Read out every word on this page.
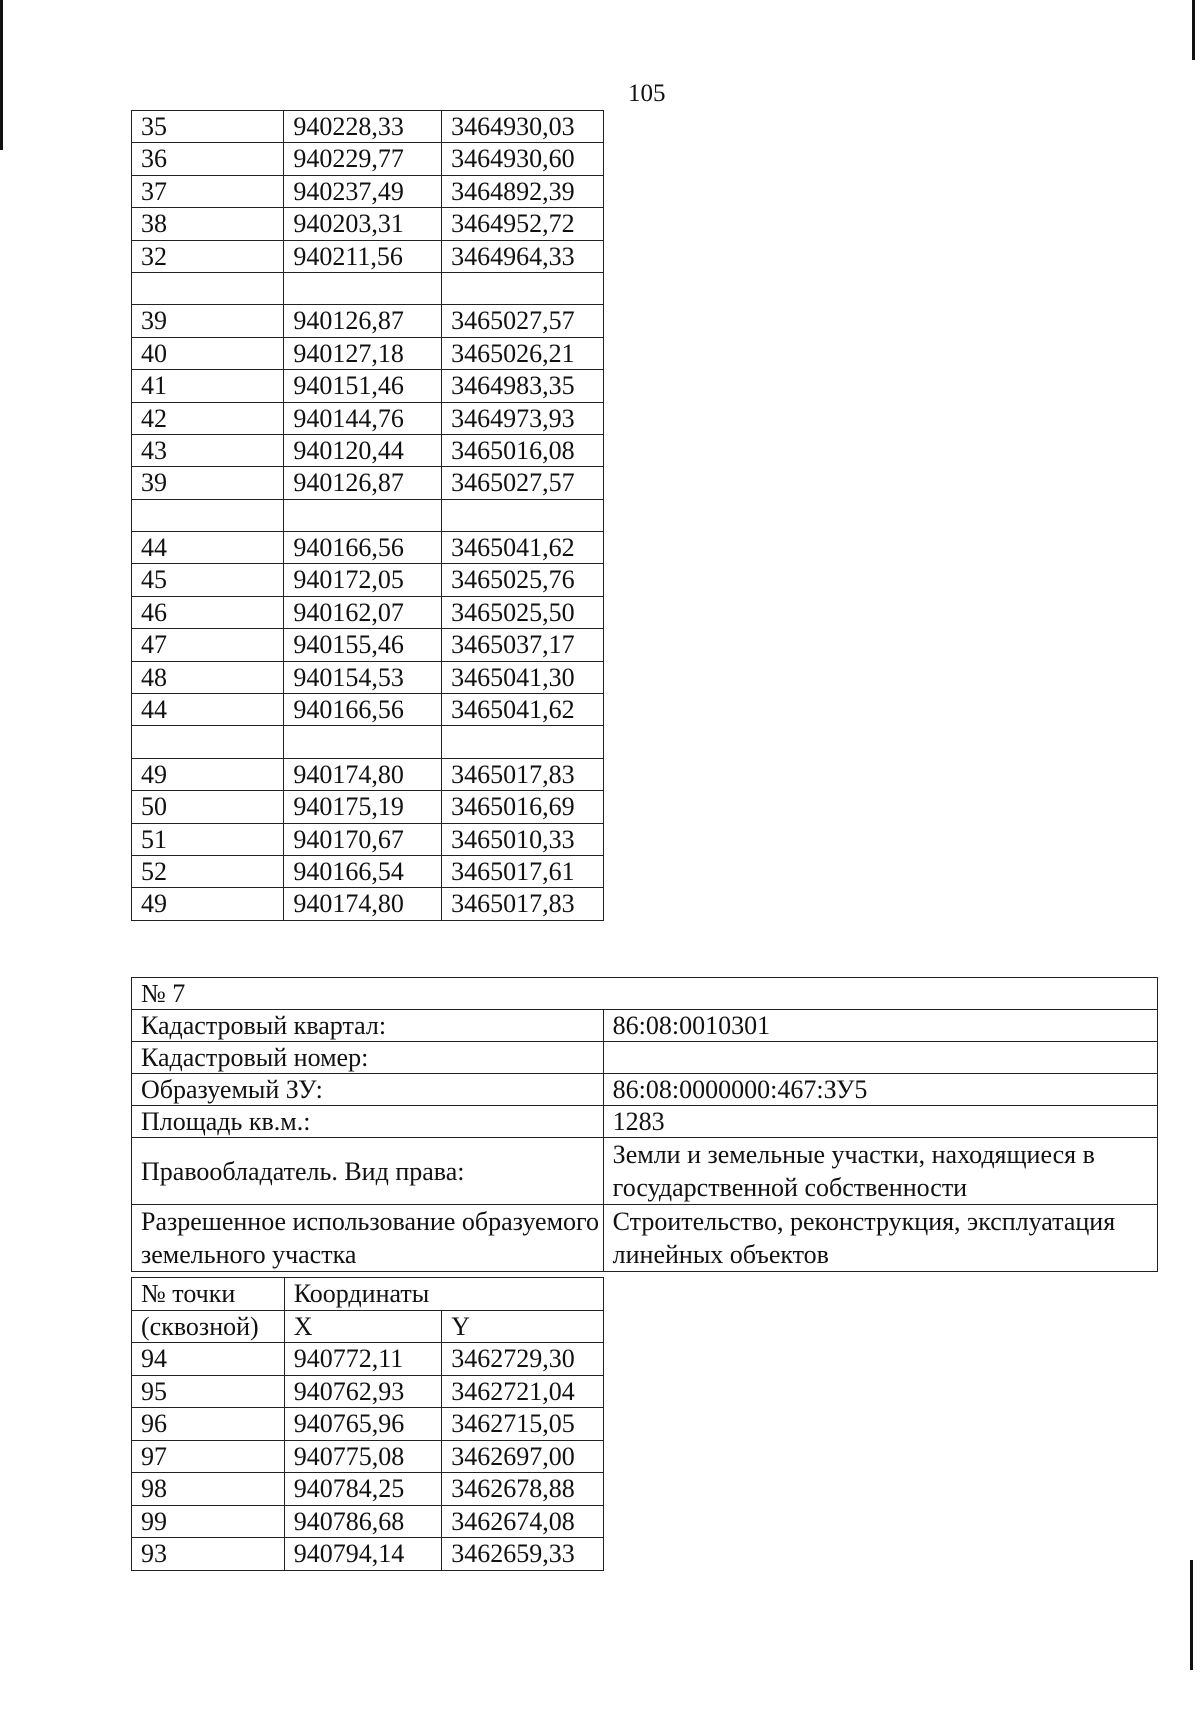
105
35	940228,33	3464930,03
36	940229,77	3464930,60
37	940237,49	3464892,39
38	940203,31	3464952,72
32	940211,56	3464964,33

39	940126,87	3465027,57
40	940127,18	3465026,21
41	940151,46	3464983,35
42	940144,76	3464973,93
43	940120,44	3465016,08
39	940126,87	3465027,57

44	940166,56	3465041,62
45	940172,05	3465025,76
46	940162,07	3465025,50
47	940155,46	3465037,17
48	940154,53	3465041,30
44	940166,56	3465041,62

49	940174,80	3465017,83
50	940175,19	3465016,69
51	940170,67	3465010,33
52	940166,54	3465017,61
49	940174,80	3465017,83
№ 7	
Кадастровый квартал:	86:08:0010301
Кадастровый номер:	
Образуемый ЗУ:	86:08:0000000:467:ЗУ5
Площадь кв.м.:	1283
Правообладатель. Вид права:	Земли и земельные участки, находящиеся в государственной собственности
Разрешенное использование образуемого земельного участка	Строительство, реконструкция, эксплуатация линейных объектов
№ точки	Координаты	
(сквозной)	X	Y
94	940772,11	3462729,30
95	940762,93	3462721,04
96	940765,96	3462715,05
97	940775,08	3462697,00
98	940784,25	3462678,88
99	940786,68	3462674,08
93	940794,14	3462659,33
